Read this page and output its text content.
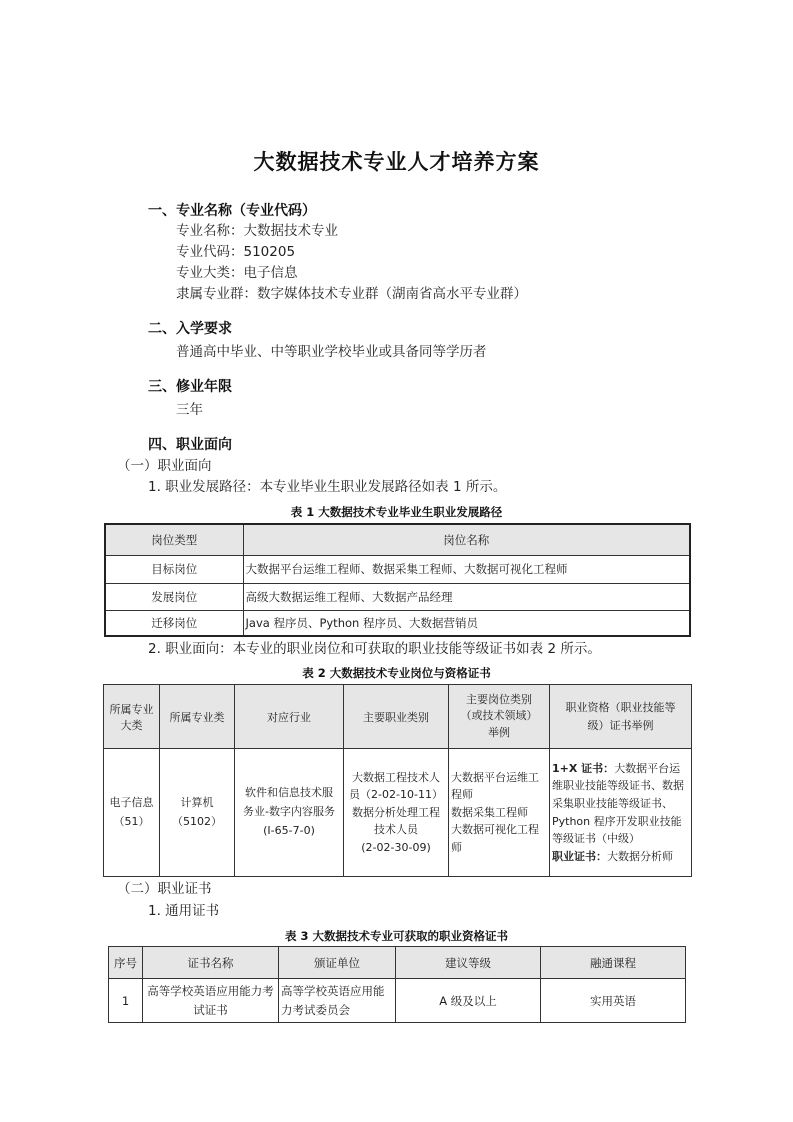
大数据技术专业人才培养方案
一、专业名称（专业代码）
专业名称：大数据技术专业
专业代码：510205
专业大类：电子信息
隶属专业群：数字媒体技术专业群（湖南省高水平专业群）
二、入学要求
普通高中毕业、中等职业学校毕业或具备同等学历者
三、修业年限
三年
四、职业面向
（一）职业面向
1. 职业发展路径：本专业毕业生职业发展路径如表 1 所示。
表 1 大数据技术专业毕业生职业发展路径
岗位类型	岗位名称
目标岗位	大数据平台运维工程师、数据采集工程师、大数据可视化工程师
发展岗位	高级大数据运维工程师、大数据产品经理
迁移岗位	Java 程序员、Python 程序员、大数据营销员
2. 职业面向：本专业的职业岗位和可获取的职业技能等级证书如表 2 所示。
表 2 大数据技术专业岗位与资格证书
所属专业
大类	所属专业类	对应行业	主要职业类别	主要岗位类别
（或技术领域）
举例	职业资格（职业技能等
级）证书举例
电子信息
（51）	计算机
（5102）	软件和信息技术服
务业-数字内容服务
(I-65-7-0)	大数据工程技术人
员（2-02-10-11）
数据分析处理工程
技术人员
(2-02-30-09)	大数据平台运维工
程师
数据采集工程师
大数据可视化工程
师	1+X 证书：大数据平台运维职业技能等级证书、数据采集职业技能等级证书、Python 程序开发职业技能等级证书（中级）
职业证书：大数据分析师
（二）职业证书
1. 通用证书
表 3 大数据技术专业可获取的职业资格证书
序号	证书名称	颁证单位	建议等级	融通课程
1	高等学校英语应用能力考
试证书	高等学校英语应用能
力考试委员会	A 级及以上	实用英语
